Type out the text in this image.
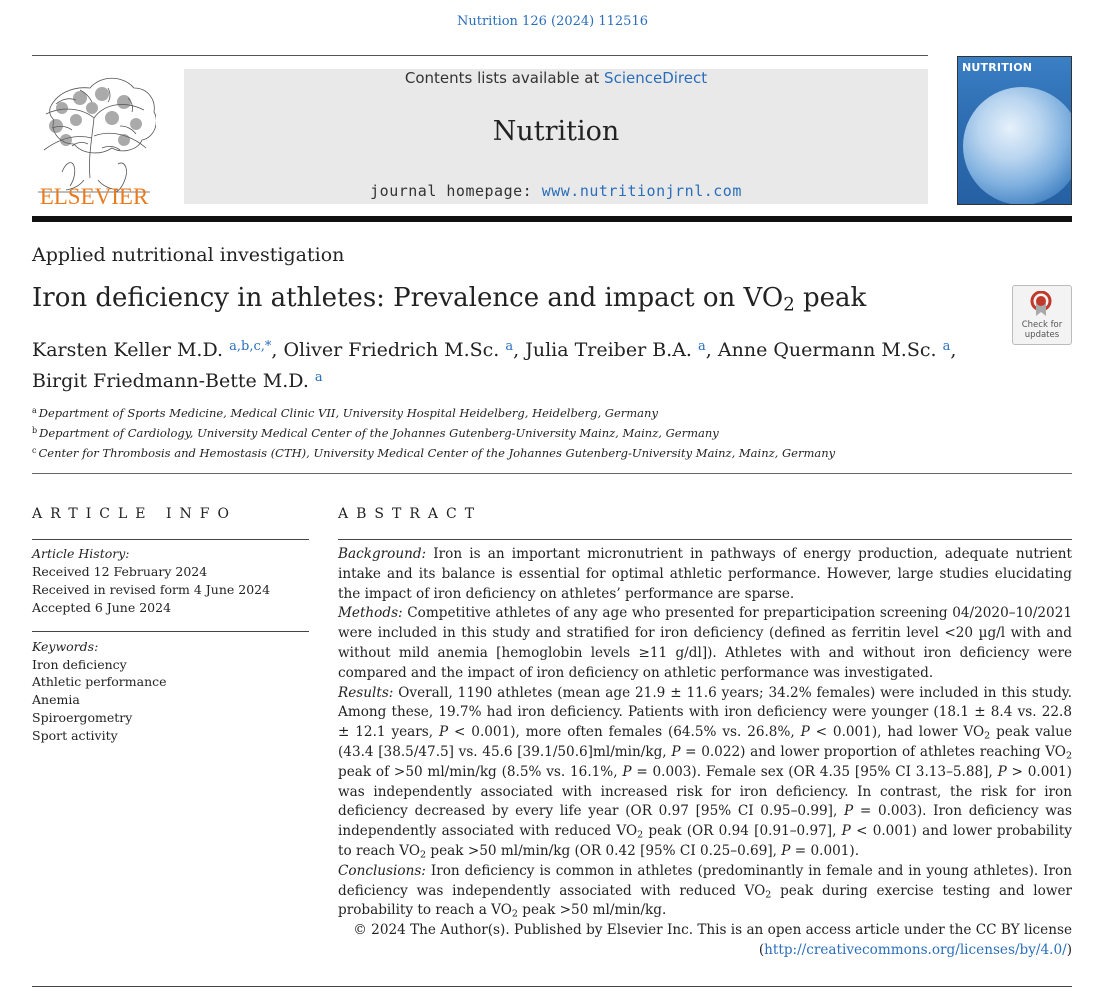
Nutrition 126 (2024) 112516
ELSEVIER
Contents lists available at ScienceDirect
Nutrition
journal homepage: www.nutritionjrnl.com
NUTRITION
Applied nutritional investigation
Iron deficiency in athletes: Prevalence and impact on $VO_2$ peak
Check for updates
Karsten Keller M.D. $^{a,b,c,*}$, Oliver Friedrich M.Sc. $^a$, Julia Treiber B.A. $^a$, Anne Quermann M.Sc. $^a$,
Birgit Friedmann-Bette M.D. $^a$
$^a$ Department of Sports Medicine, Medical Clinic VII, University Hospital Heidelberg, Heidelberg, Germany
$^b$ Department of Cardiology, University Medical Center of the Johannes Gutenberg-University Mainz, Mainz, Germany
$^c$ Center for Thrombosis and Hemostasis (CTH), University Medical Center of the Johannes Gutenberg-University Mainz, Mainz, Germany
ARTICLE INFO	ABSTRACT
Article History:
Received 12 February 2024
Received in revised form 4 June 2024
Accepted 6 June 2024
Keywords:
Iron deficiency
Athletic performance
Anemia
Spiroergometry
Sport activity

Background: Iron is an important micronutrient in pathways of energy production, adequate nutrient intake and its balance is essential for optimal athletic performance. However, large studies elucidating the impact of iron deficiency on athletes’ performance are sparse.

Methods: Competitive athletes of any age who presented for preparticipation screening 04/2020–10/2021 were included in this study and stratified for iron deficiency (defined as ferritin level <20 µg/l with and without mild anemia [hemoglobin levels ≥11 g/dl]). Athletes with and without iron deficiency were compared and the impact of iron deficiency on athletic performance was investigated.

Results: Overall, 1190 athletes (mean age 21.9 ± 11.6 years; 34.2% females) were included in this study. Among these, 19.7% had iron deficiency. Patients with iron deficiency were younger (18.1 ± 8.4 vs. 22.8 ± 12.1 years, P < 0.001), more often females (64.5% vs. 26.8%, P < 0.001), had lower $VO_2$ peak value (43.4 [38.5/47.5] vs. 45.6 [39.1/50.6]ml/min/kg, P = 0.022) and lower proportion of athletes reaching $VO_2$ peak of >50 ml/min/kg (8.5% vs. 16.1%, P = 0.003). Female sex (OR 4.35 [95% CI 3.13–5.88], P > 0.001) was independently associated with increased risk for iron deficiency. In contrast, the risk for iron deficiency decreased by every life year (OR 0.97 [95% CI 0.95–0.99], P = 0.003). Iron deficiency was independently associated with reduced $VO_2$ peak (OR 0.94 [0.91–0.97], P < 0.001) and lower probability to reach $VO_2$ peak >50 ml/min/kg (OR 0.42 [95% CI 0.25–0.69], P = 0.001).

Conclusions: Iron deficiency is common in athletes (predominantly in female and in young athletes). Iron deficiency was independently associated with reduced $VO_2$ peak during exercise testing and lower probability to reach a $VO_2$ peak >50 ml/min/kg.

© 2024 The Author(s). Published by Elsevier Inc. This is an open access article under the CC BY license
(http://creativecommons.org/licenses/by/4.0/)
